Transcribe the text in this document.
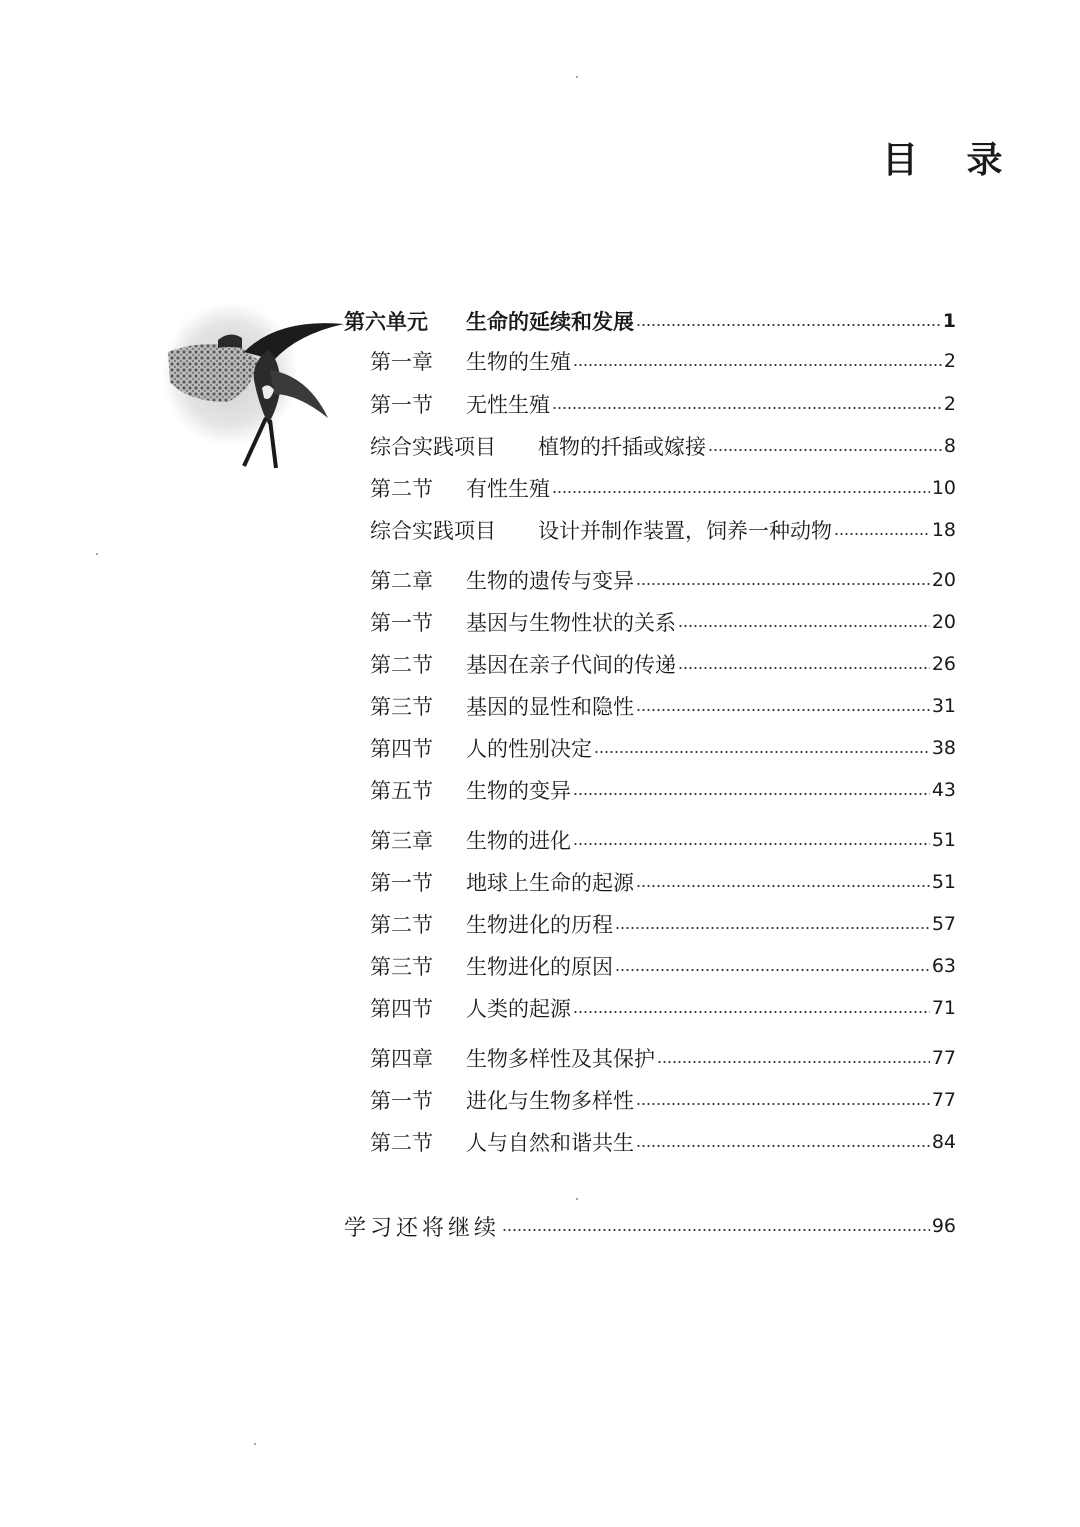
目 录
第六单元 生命的延续和发展	1
第一章 生物的生殖	2
第一节 无性生殖	2
综合实践项目 植物的扦插或嫁接	8
第二节 有性生殖	10
综合实践项目 设计并制作装置，饲养一种动物	18
第二章 生物的遗传与变异	20
第一节 基因与生物性状的关系	20
第二节 基因在亲子代间的传递	26
第三节 基因的显性和隐性	31
第四节 人的性别决定	38
第五节 生物的变异	43
第三章 生物的进化	51
第一节 地球上生命的起源	51
第二节 生物进化的历程	57
第三节 生物进化的原因	63
第四节 人类的起源	71
第四章 生物多样性及其保护	77
第一节 进化与生物多样性	77
第二节 人与自然和谐共生	84
学习还将继续	96
